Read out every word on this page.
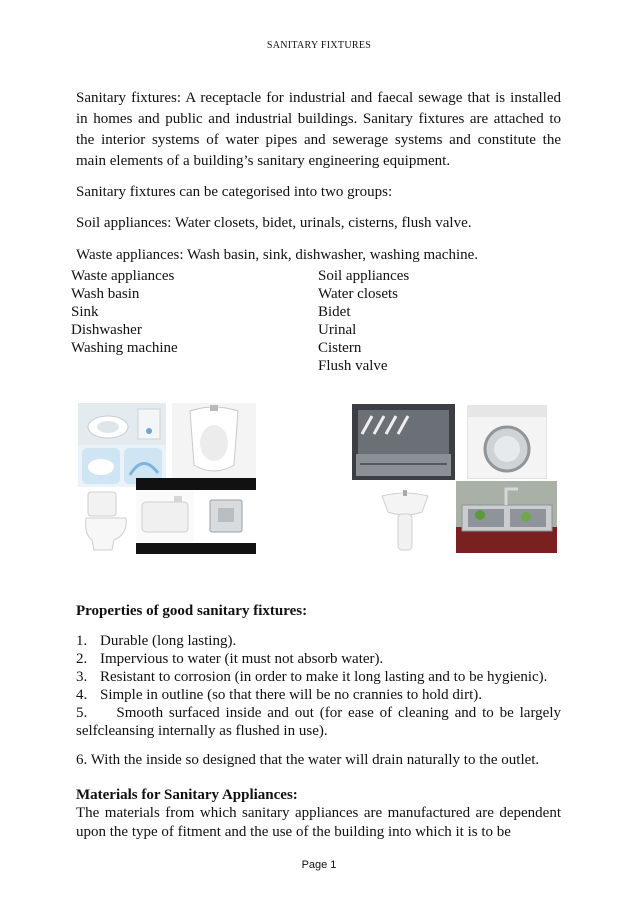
SANITARY FIXTURES

Sanitary fixtures: A receptacle for industrial and faecal sewage that is installed in homes and public and industrial buildings. Sanitary fixtures are attached to the interior systems of water pipes and sewerage systems and constitute the main elements of a building’s sanitary engineering equipment.

Sanitary fixtures can be categorised into two groups:

Soil appliances: Water closets, bidet, urinals, cisterns, flush valve.

Waste appliances: Wash basin, sink, dishwasher, washing machine.

Waste appliances
Wash basin
Sink
Dishwasher
Washing machine
Soil appliances
Water closets
Bidet
Urinal
Cistern
Flush valve
Properties of good sanitary fixtures:
1. Durable (long lasting).
2. Impervious to water (it must not absorb water).
3. Resistant to corrosion (in order to make it long lasting and to be hygienic).
4. Simple in outline (so that there will be no crannies to hold dirt).
5.     Smooth surfaced inside and out (for ease of cleaning and to be largely selfcleansing internally as flushed in use).

6. With the inside so designed that the water will drain naturally to the outlet.

Materials for Sanitary Appliances:

The materials from which sanitary appliances are manufactured are dependent upon the type of fitment and the use of the building into which it is to be

Page 1
